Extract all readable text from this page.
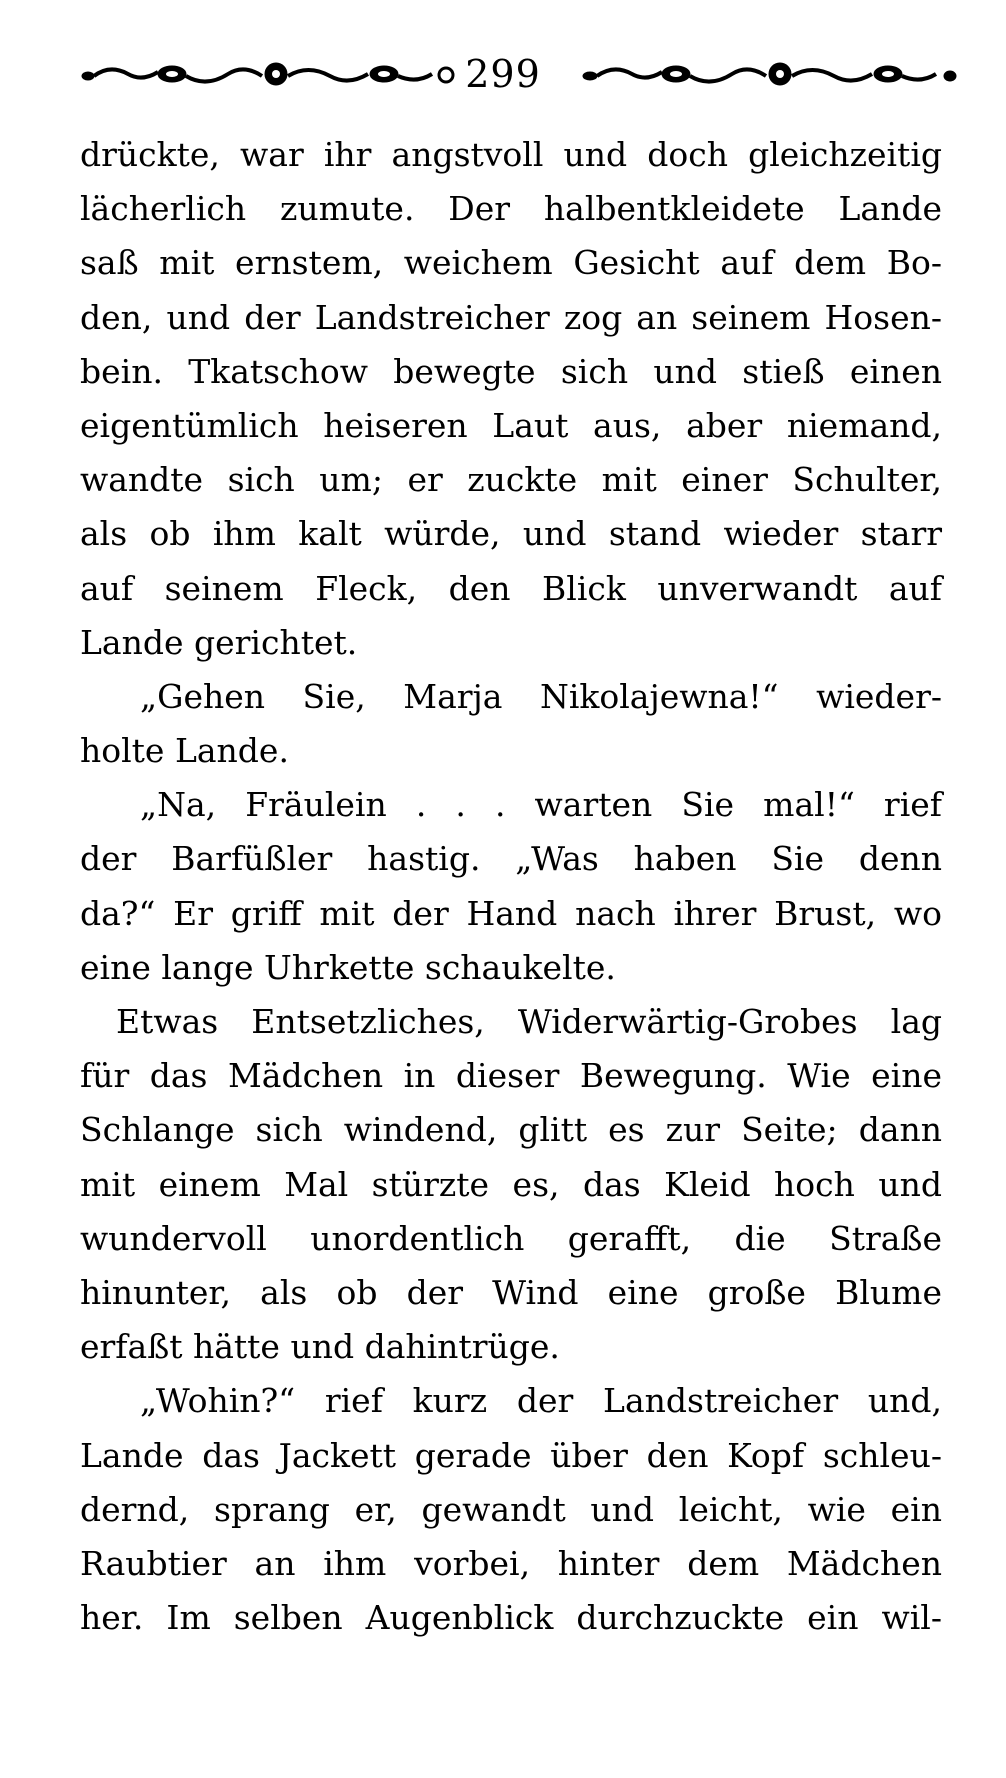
299
drückte, war ihr angstvoll und doch gleichzeitig
lächerlich zumute. Der halbentkleidete Lande
saß mit ernstem, weichem Gesicht auf dem Bo-
den, und der Landstreicher zog an seinem Hosen-
bein. Tkatschow bewegte sich und stieß einen
eigentümlich heiseren Laut aus, aber niemand,
wandte sich um; er zuckte mit einer Schulter,
als ob ihm kalt würde, und stand wieder starr
auf seinem Fleck, den Blick unverwandt auf
Lande gerichtet.
„Gehen Sie, Marja Nikolajewna!“ wieder-
holte Lande.
„Na, Fräulein . . . warten Sie mal!“ rief
der Barfüßler hastig. „Was haben Sie denn
da?“ Er griff mit der Hand nach ihrer Brust, wo
eine lange Uhrkette schaukelte.
Etwas Entsetzliches, Widerwärtig-Grobes lag
für das Mädchen in dieser Bewegung. Wie eine
Schlange sich windend, glitt es zur Seite; dann
mit einem Mal stürzte es, das Kleid hoch und
wundervoll unordentlich gerafft, die Straße
hinunter, als ob der Wind eine große Blume
erfaßt hätte und dahintrüge.
„Wohin?“ rief kurz der Landstreicher und,
Lande das Jackett gerade über den Kopf schleu-
dernd, sprang er, gewandt und leicht, wie ein
Raubtier an ihm vorbei, hinter dem Mädchen
her. Im selben Augenblick durchzuckte ein wil-
